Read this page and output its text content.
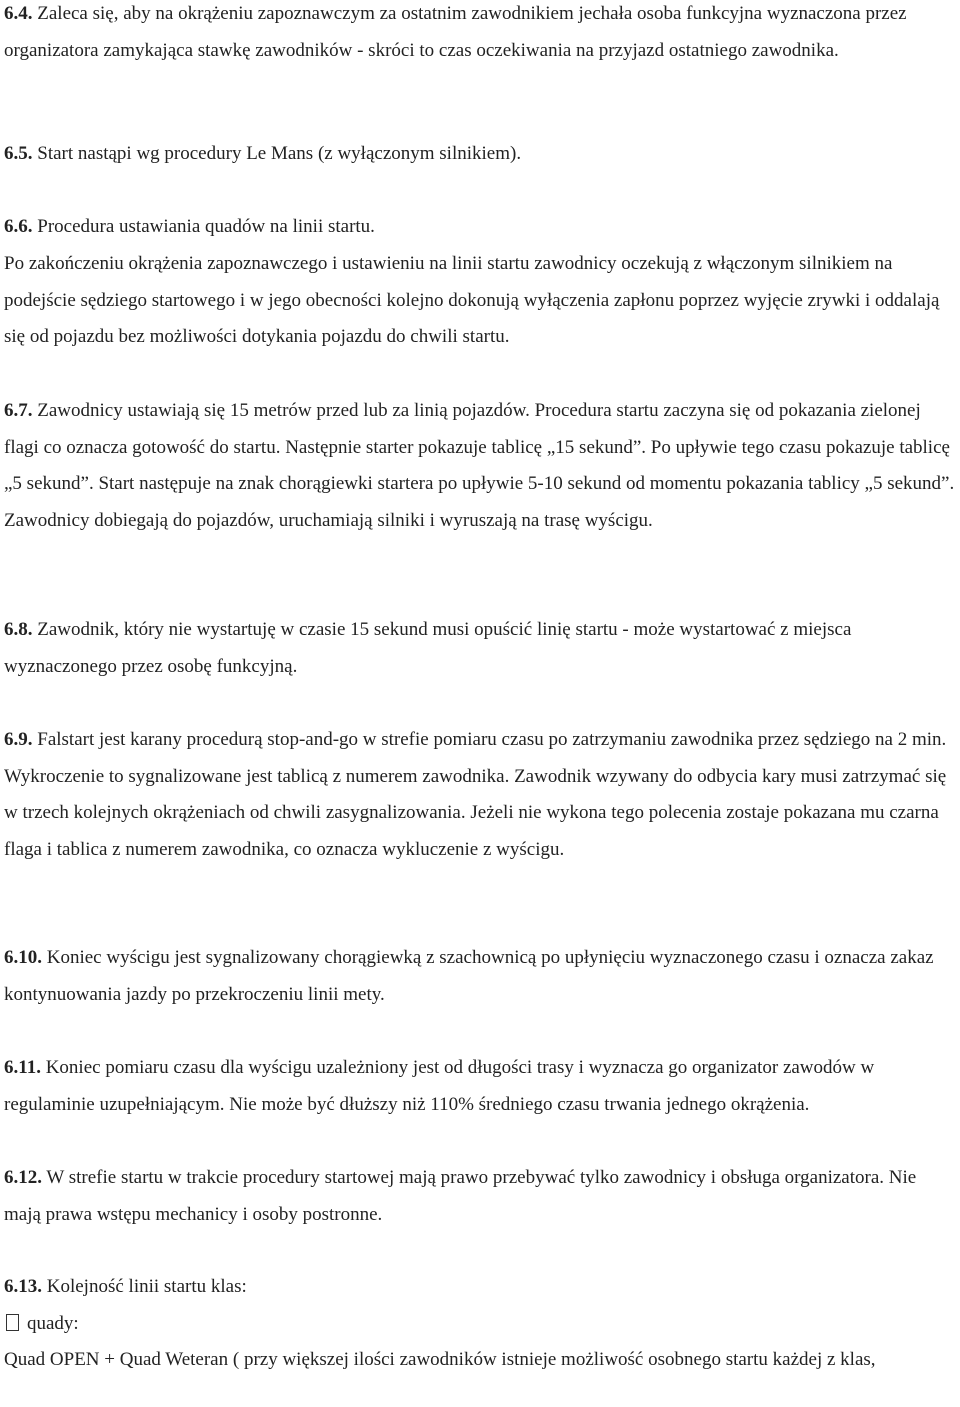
6.4. Zaleca się, aby na okrążeniu zapoznawczym za ostatnim zawodnikiem jechała osoba funkcyjna wyznaczona przez organizatora zamykająca stawkę zawodników - skróci to czas oczekiwania na przyjazd ostatniego zawodnika.

6.5. Start nastąpi wg procedury Le Mans (z wyłączonym silnikiem).

6.6. Procedura ustawiania quadów na linii startu.

Po zakończeniu okrążenia zapoznawczego i ustawieniu na linii startu zawodnicy oczekują z włączonym silnikiem na podejście sędziego startowego i w jego obecności kolejno dokonują wyłączenia zapłonu poprzez wyjęcie zrywki i oddalają się od pojazdu bez możliwości dotykania pojazdu do chwili startu.

6.7. Zawodnicy ustawiają się 15 metrów przed lub za linią pojazdów. Procedura startu zaczyna się od pokazania zielonej flagi co oznacza gotowość do startu. Następnie starter pokazuje tablicę „15 sekund”. Po upływie tego czasu pokazuje tablicę „5 sekund”. Start następuje na znak chorągiewki startera po upływie 5-10 sekund od momentu pokazania tablicy „5 sekund”. Zawodnicy dobiegają do pojazdów, uruchamiają silniki i wyruszają na trasę wyścigu.

6.8. Zawodnik, który nie wystartuję w czasie 15 sekund musi opuścić linię startu - może wystartować z miejsca wyznaczonego przez osobę funkcyjną.

6.9. Falstart jest karany procedurą stop-and-go w strefie pomiaru czasu po zatrzymaniu zawodnika przez sędziego na 2 min. Wykroczenie to sygnalizowane jest tablicą z numerem zawodnika. Zawodnik wzywany do odbycia kary musi zatrzymać się w trzech kolejnych okrążeniach od chwili zasygnalizowania. Jeżeli nie wykona tego polecenia zostaje pokazana mu czarna flaga i tablica z numerem zawodnika, co oznacza wykluczenie z wyścigu.

6.10. Koniec wyścigu jest sygnalizowany chorągiewką z szachownicą po upłynięciu wyznaczonego czasu i oznacza zakaz kontynuowania jazdy po przekroczeniu linii mety.

6.11. Koniec pomiaru czasu dla wyścigu uzależniony jest od długości trasy i wyznacza go organizator zawodów w regulaminie uzupełniającym. Nie może być dłuższy niż 110% średniego czasu trwania jednego okrążenia.

6.12. W strefie startu w trakcie procedury startowej mają prawo przebywać tylko zawodnicy i obsługa organizatora. Nie mają prawa wstępu mechanicy i osoby postronne.

6.13. Kolejność linii startu klas:

quady:

Quad OPEN + Quad Weteran ( przy większej ilości zawodników istnieje możliwość osobnego startu każdej z klas,
